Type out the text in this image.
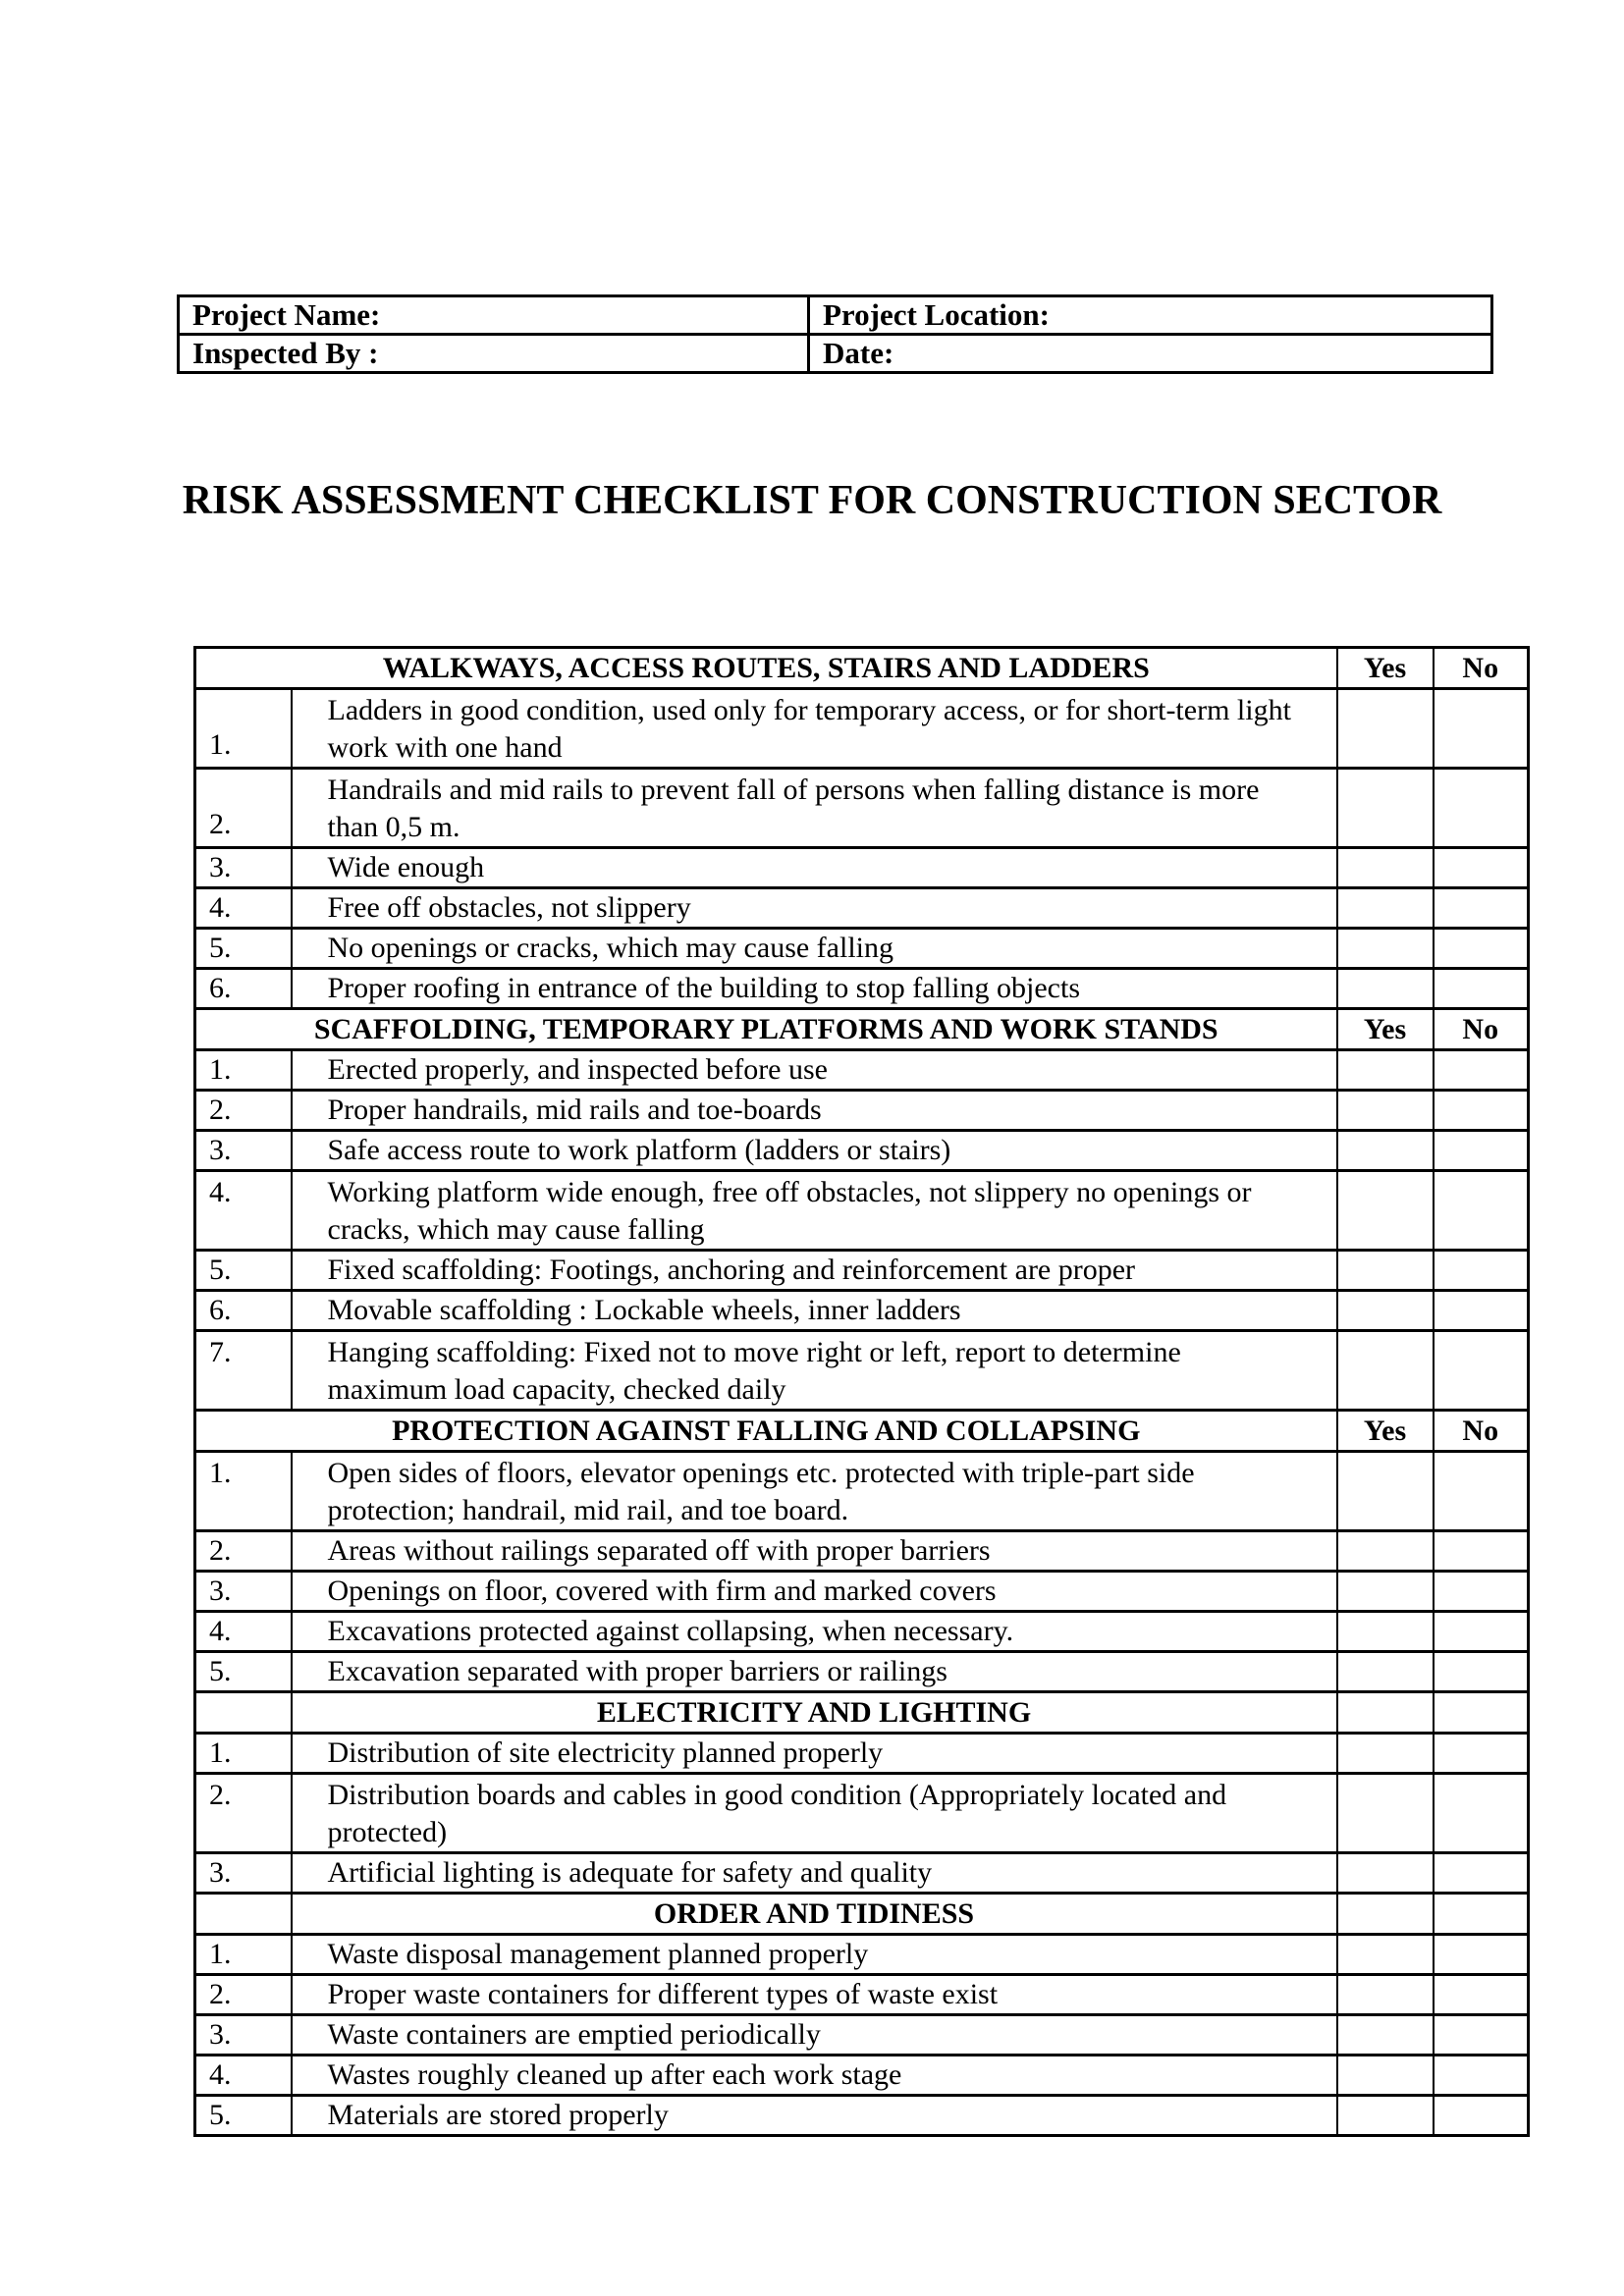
Project Name:	Project Location:
Inspected By :	Date:
RISK ASSESSMENT CHECKLIST FOR CONSTRUCTION SECTOR
WALKWAYS, ACCESS ROUTES, STAIRS AND LADDERS		Yes	No
1.	Ladders in good condition, used only for temporary access, or for short-term light work with one hand		
2.	Handrails and mid rails to prevent fall of persons when falling distance is more than 0,5 m.		
3.	Wide enough		
4.	Free off obstacles, not slippery		
5.	No openings or cracks, which may cause falling		
6.	Proper roofing in entrance of the building to stop falling objects		
SCAFFOLDING, TEMPORARY PLATFORMS AND WORK STANDS		Yes	No
1.	Erected properly, and inspected before use		
2.	Proper handrails, mid rails and toe-boards		
3.	Safe access route to work platform (ladders or stairs)		
4.	Working platform wide enough, free off obstacles, not slippery no openings or cracks, which may cause falling		
5.	Fixed scaffolding: Footings, anchoring and reinforcement are proper		
6.	Movable scaffolding : Lockable wheels, inner ladders		
7.	Hanging scaffolding: Fixed not to move right or left, report to determine maximum load capacity, checked daily		
PROTECTION AGAINST FALLING AND COLLAPSING		Yes	No
1.	Open sides of floors, elevator openings etc. protected with triple-part side protection; handrail, mid rail, and toe board.		
2.	Areas without railings separated off with proper barriers		
3.	Openings on floor, covered with firm and marked covers		
4.	Excavations protected against collapsing, when necessary.		
5.	Excavation separated with proper barriers or railings		
	ELECTRICITY AND LIGHTING		
1.	Distribution of site electricity planned properly		
2.	Distribution boards and cables in good condition (Appropriately located and protected)		
3.	Artificial lighting is adequate for safety and quality		
	ORDER AND TIDINESS		
1.	Waste disposal management planned properly		
2.	Proper waste containers for different types of waste exist		
3.	Waste containers are emptied periodically		
4.	Wastes roughly cleaned up after each work stage		
5.	Materials are stored properly		
